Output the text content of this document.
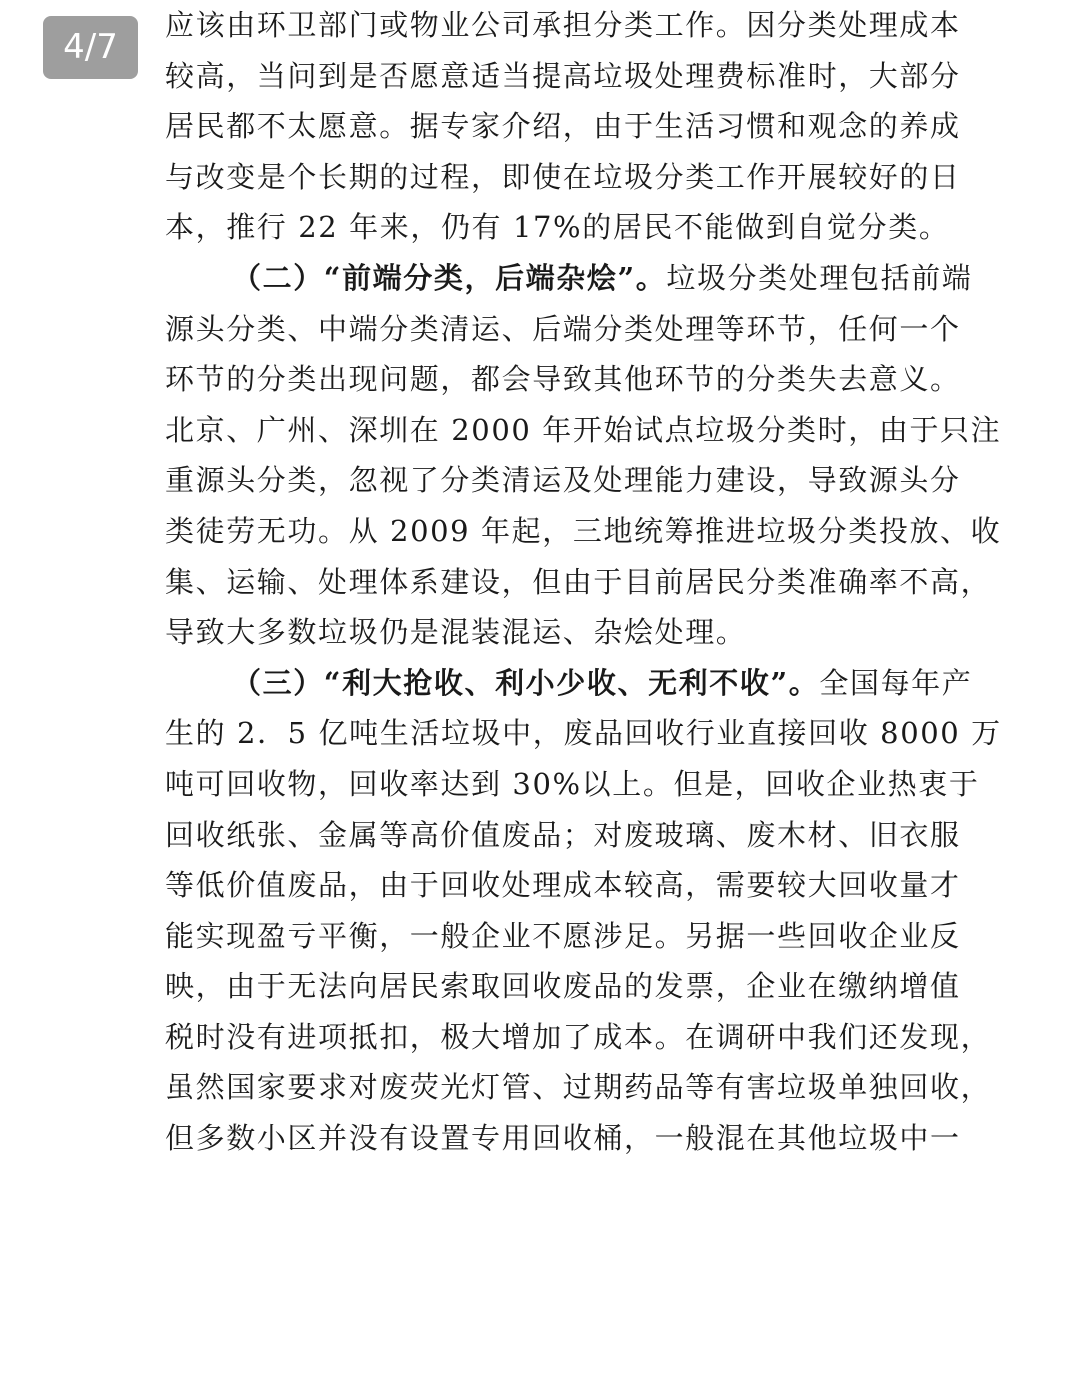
4/7
应该由环卫部门或物业公司承担分类工作。因分类处理成本
较高，当问到是否愿意适当提高垃圾处理费标准时，大部分
居民都不太愿意。据专家介绍，由于生活习惯和观念的养成
与改变是个长期的过程，即使在垃圾分类工作开展较好的日
本，推行 22 年来，仍有 17%的居民不能做到自觉分类。
（二）“前端分类，后端杂烩”。垃圾分类处理包括前端
源头分类、中端分类清运、后端分类处理等环节，任何一个
环节的分类出现问题，都会导致其他环节的分类失去意义。
北京、广州、深圳在 2000 年开始试点垃圾分类时，由于只注
重源头分类，忽视了分类清运及处理能力建设，导致源头分
类徒劳无功。从 2009 年起，三地统筹推进垃圾分类投放、收
集、运输、处理体系建设，但由于目前居民分类准确率不高，
导致大多数垃圾仍是混装混运、杂烩处理。
（三）“利大抢收、利小少收、无利不收”。全国每年产
生的 2．5 亿吨生活垃圾中，废品回收行业直接回收 8000 万
吨可回收物，回收率达到 30%以上。但是，回收企业热衷于
回收纸张、金属等高价值废品；对废玻璃、废木材、旧衣服
等低价值废品，由于回收处理成本较高，需要较大回收量才
能实现盈亏平衡，一般企业不愿涉足。另据一些回收企业反
映，由于无法向居民索取回收废品的发票，企业在缴纳增值
税时没有进项抵扣，极大增加了成本。在调研中我们还发现，
虽然国家要求对废荧光灯管、过期药品等有害垃圾单独回收，
但多数小区并没有设置专用回收桶，一般混在其他垃圾中一
